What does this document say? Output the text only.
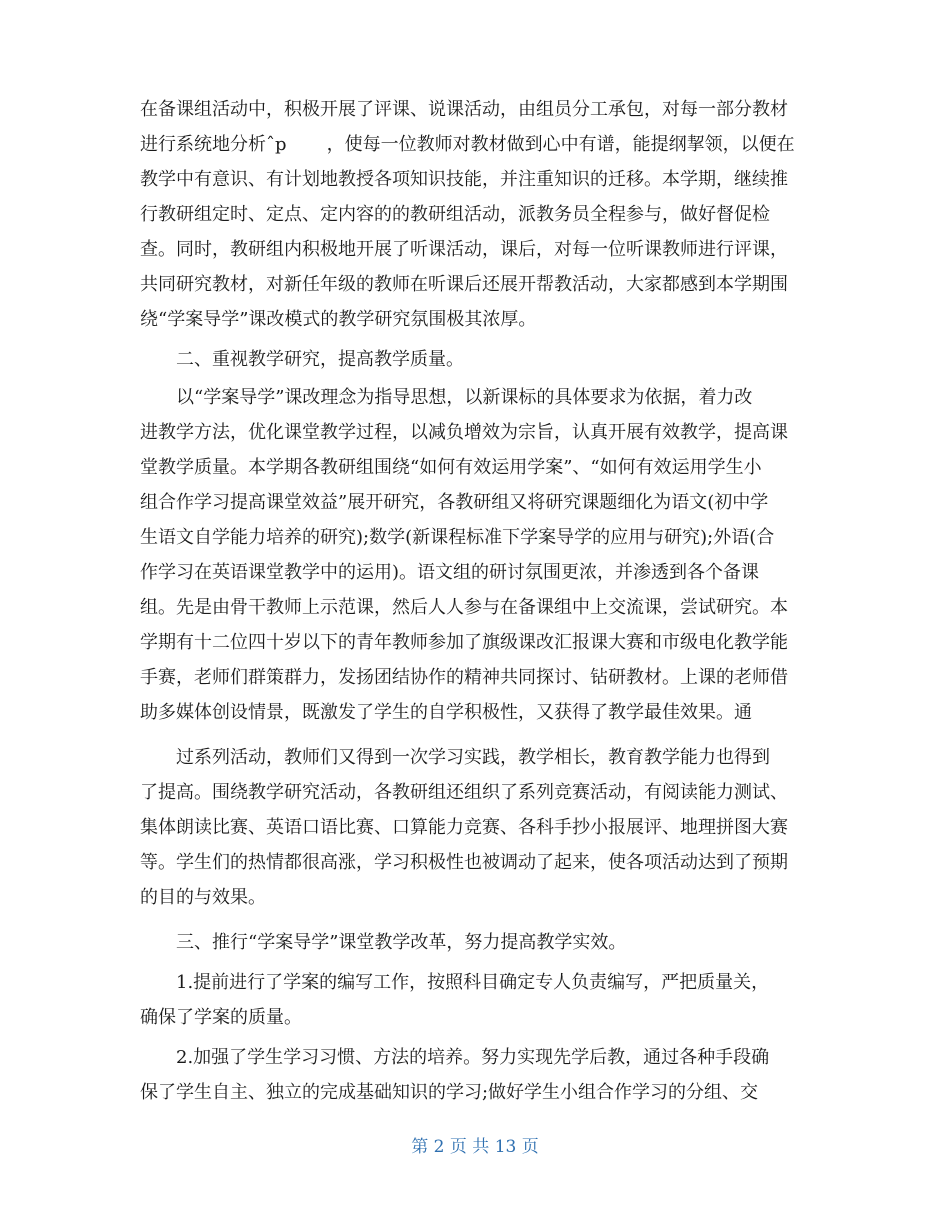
在备课组活动中，积极开展了评课、说课活动，由组员分工承包，对每一部分教材
进行系统地分析ˆp       ，使每一位教师对教材做到心中有谱，能提纲挈领，以便在
教学中有意识、有计划地教授各项知识技能，并注重知识的迁移。本学期，继续推
行教研组定时、定点、定内容的的教研组活动，派教务员全程参与，做好督促检
查。同时，教研组内积极地开展了听课活动，课后，对每一位听课教师进行评课，
共同研究教材，对新任年级的教师在听课后还展开帮教活动，大家都感到本学期围
绕“学案导学”课改模式的教学研究氛围极其浓厚。
二、重视教学研究，提高教学质量。
以“学案导学”课改理念为指导思想，以新课标的具体要求为依据，着力改
进教学方法，优化课堂教学过程，以减负增效为宗旨，认真开展有效教学，提高课
堂教学质量。本学期各教研组围绕“如何有效运用学案”、“如何有效运用学生小
组合作学习提高课堂效益”展开研究，各教研组又将研究课题细化为语文(初中学
生语文自学能力培养的研究);数学(新课程标准下学案导学的应用与研究);外语(合
作学习在英语课堂教学中的运用)。语文组的研讨氛围更浓，并渗透到各个备课
组。先是由骨干教师上示范课，然后人人参与在备课组中上交流课，尝试研究。本
学期有十二位四十岁以下的青年教师参加了旗级课改汇报课大赛和市级电化教学能
手赛，老师们群策群力，发扬团结协作的精神共同探讨、钻研教材。上课的老师借
助多媒体创设情景，既激发了学生的自学积极性，又获得了教学最佳效果。通
过系列活动，教师们又得到一次学习实践，教学相长，教育教学能力也得到
了提高。围绕教学研究活动，各教研组还组织了系列竞赛活动，有阅读能力测试、
集体朗读比赛、英语口语比赛、口算能力竞赛、各科手抄小报展评、地理拼图大赛
等。学生们的热情都很高涨，学习积极性也被调动了起来，使各项活动达到了预期
的目的与效果。
三、推行“学案导学”课堂教学改革，努力提高教学实效。
1.提前进行了学案的编写工作，按照科目确定专人负责编写，严把质量关，
确保了学案的质量。
2.加强了学生学习习惯、方法的培养。努力实现先学后教，通过各种手段确
保了学生自主、独立的完成基础知识的学习;做好学生小组合作学习的分组、交
第 2 页 共 13 页
